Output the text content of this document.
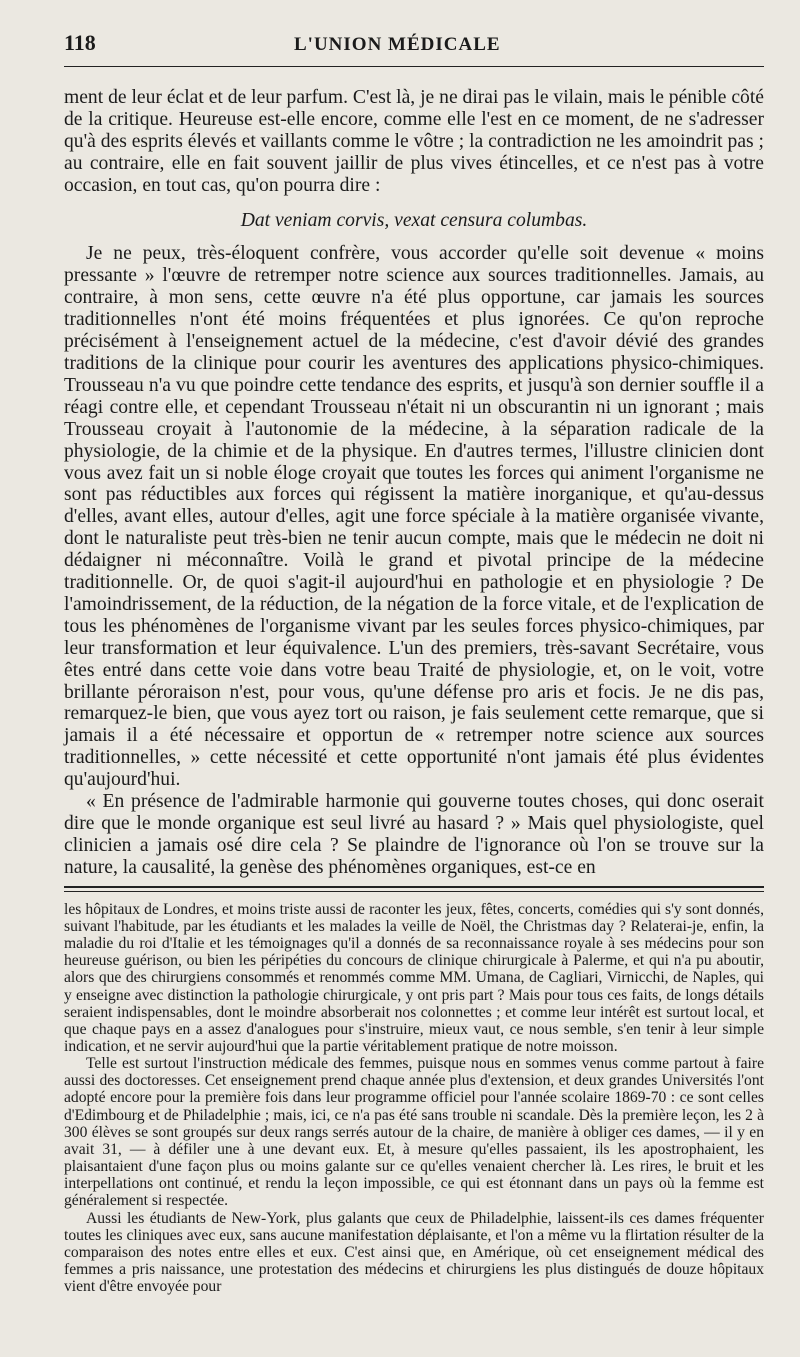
118	L'UNION MÉDICALE

ment de leur éclat et de leur parfum. C'est là, je ne dirai pas le vilain, mais le pénible côté de la critique. Heureuse est-elle encore, comme elle l'est en ce moment, de ne s'adresser qu'à des esprits élevés et vaillants comme le vôtre ; la contradiction ne les amoindrit pas ; au contraire, elle en fait souvent jaillir de plus vives étincelles, et ce n'est pas à votre occasion, en tout cas, qu'on pourra dire :

Dat veniam corvis, vexat censura columbas.

Je ne peux, très-éloquent confrère, vous accorder qu'elle soit devenue « moins pressante » l'œuvre de retremper notre science aux sources traditionnelles. Jamais, au contraire, à mon sens, cette œuvre n'a été plus opportune, car jamais les sources traditionnelles n'ont été moins fréquentées et plus ignorées. Ce qu'on reproche précisément à l'enseignement actuel de la médecine, c'est d'avoir dévié des grandes traditions de la clinique pour courir les aventures des applications physico-chimiques. Trousseau n'a vu que poindre cette tendance des esprits, et jusqu'à son dernier souffle il a réagi contre elle, et cependant Trousseau n'était ni un obscurantin ni un ignorant ; mais Trousseau croyait à l'autonomie de la médecine, à la séparation radicale de la physiologie, de la chimie et de la physique. En d'autres termes, l'illustre clinicien dont vous avez fait un si noble éloge croyait que toutes les forces qui animent l'organisme ne sont pas réductibles aux forces qui régissent la matière inorganique, et qu'au-dessus d'elles, avant elles, autour d'elles, agit une force spéciale à la matière organisée vivante, dont le naturaliste peut très-bien ne tenir aucun compte, mais que le médecin ne doit ni dédaigner ni méconnaître. Voilà le grand et pivotal principe de la médecine traditionnelle. Or, de quoi s'agit-il aujourd'hui en pathologie et en physiologie ? De l'amoindrissement, de la réduction, de la négation de la force vitale, et de l'explication de tous les phénomènes de l'organisme vivant par les seules forces physico-chimiques, par leur transformation et leur équivalence. L'un des premiers, très-savant Secrétaire, vous êtes entré dans cette voie dans votre beau Traité de physiologie, et, on le voit, votre brillante péroraison n'est, pour vous, qu'une défense pro aris et focis. Je ne dis pas, remarquez-le bien, que vous ayez tort ou raison, je fais seulement cette remarque, que si jamais il a été nécessaire et opportun de « retremper notre science aux sources traditionnelles, » cette nécessité et cette opportunité n'ont jamais été plus évidentes qu'aujourd'hui.

« En présence de l'admirable harmonie qui gouverne toutes choses, qui donc oserait dire que le monde organique est seul livré au hasard ? » Mais quel physiologiste, quel clinicien a jamais osé dire cela ? Se plaindre de l'ignorance où l'on se trouve sur la nature, la causalité, la genèse des phénomènes organiques, est-ce en

les hôpitaux de Londres, et moins triste aussi de raconter les jeux, fêtes, concerts, comédies qui s'y sont donnés, suivant l'habitude, par les étudiants et les malades la veille de Noël, the Christmas day ? Relaterai-je, enfin, la maladie du roi d'Italie et les témoignages qu'il a donnés de sa reconnaissance royale à ses médecins pour son heureuse guérison, ou bien les péripéties du concours de clinique chirurgicale à Palerme, et qui n'a pu aboutir, alors que des chirurgiens consommés et renommés comme MM. Umana, de Cagliari, Virnicchi, de Naples, qui y enseigne avec distinction la pathologie chirurgicale, y ont pris part ? Mais pour tous ces faits, de longs détails seraient indispensables, dont le moindre absorberait nos colonnettes ; et comme leur intérêt est surtout local, et que chaque pays en a assez d'analogues pour s'instruire, mieux vaut, ce nous semble, s'en tenir à leur simple indication, et ne servir aujourd'hui que la partie véritablement pratique de notre moisson.

Telle est surtout l'instruction médicale des femmes, puisque nous en sommes venus comme partout à faire aussi des doctoresses. Cet enseignement prend chaque année plus d'extension, et deux grandes Universités l'ont adopté encore pour la première fois dans leur programme officiel pour l'année scolaire 1869-70 : ce sont celles d'Edimbourg et de Philadelphie ; mais, ici, ce n'a pas été sans trouble ni scandale. Dès la première leçon, les 2 à 300 élèves se sont groupés sur deux rangs serrés autour de la chaire, de manière à obliger ces dames, — il y en avait 31, — à défiler une à une devant eux. Et, à mesure qu'elles passaient, ils les apostrophaient, les plaisantaient d'une façon plus ou moins galante sur ce qu'elles venaient chercher là. Les rires, le bruit et les interpellations ont continué, et rendu la leçon impossible, ce qui est étonnant dans un pays où la femme est généralement si respectée.

Aussi les étudiants de New-York, plus galants que ceux de Philadelphie, laissent-ils ces dames fréquenter toutes les cliniques avec eux, sans aucune manifestation déplaisante, et l'on a même vu la flirtation résulter de la comparaison des notes entre elles et eux. C'est ainsi que, en Amérique, où cet enseignement médical des femmes a pris naissance, une protestation des médecins et chirurgiens les plus distingués de douze hôpitaux vient d'être envoyée pour
